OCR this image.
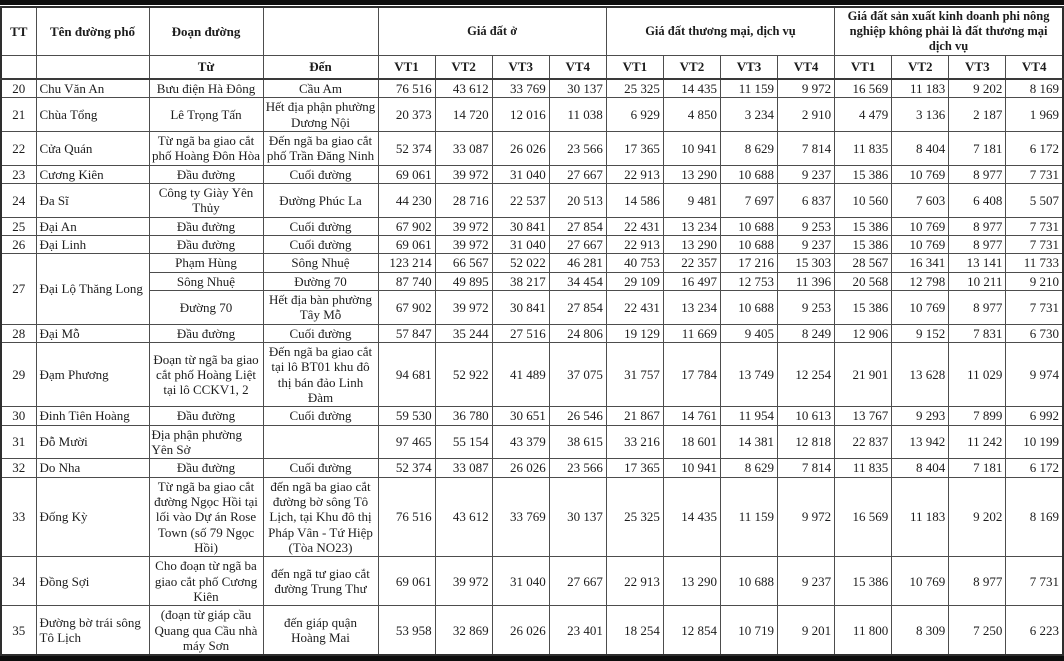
TT	Tên đường phố	Đoạn đường		Giá đất ở				Giá đất thương mại, dịch vụ				Giá đất sản xuất kinh doanh phi nông nghiệp không phải là đất thương mại dịch vụ			
		Từ	Đến	VT1	VT2	VT3	VT4	VT1	VT2	VT3	VT4	VT1	VT2	VT3	VT4
20	Chu Văn An	Bưu điện Hà Đông	Cầu Am	76 516	43 612	33 769	30 137	25 325	14 435	11 159	9 972	16 569	11 183	9 202	8 169
21	Chùa Tổng	Lê Trọng Tấn	Hết địa phận phường Dương Nội	20 373	14 720	12 016	11 038	6 929	4 850	3 234	2 910	4 479	3 136	2 187	1 969
22	Cửa Quán	Từ ngã ba giao cắt phố Hoàng Đôn Hòa	Đến ngã ba giao cắt phố Trần Đăng Ninh	52 374	33 087	26 026	23 566	17 365	10 941	8 629	7 814	11 835	8 404	7 181	6 172
23	Cương Kiên	Đầu đường	Cuối đường	69 061	39 972	31 040	27 667	22 913	13 290	10 688	9 237	15 386	10 769	8 977	7 731
24	Đa Sĩ	Công ty Giày Yên Thủy	Đường Phúc La	44 230	28 716	22 537	20 513	14 586	9 481	7 697	6 837	10 560	7 603	6 408	5 507
25	Đại An	Đầu đường	Cuối đường	67 902	39 972	30 841	27 854	22 431	13 234	10 688	9 253	15 386	10 769	8 977	7 731
26	Đại Linh	Đầu đường	Cuối đường	69 061	39 972	31 040	27 667	22 913	13 290	10 688	9 237	15 386	10 769	8 977	7 731
27	Đại Lộ Thăng Long	Phạm Hùng	Sông Nhuệ	123 214	66 567	52 022	46 281	40 753	22 357	17 216	15 303	28 567	16 341	13 141	11 733
		Sông Nhuệ	Đường 70	87 740	49 895	38 217	34 454	29 109	16 497	12 753	11 396	20 568	12 798	10 211	9 210
		Đường 70	Hết địa bàn phường Tây Mỗ	67 902	39 972	30 841	27 854	22 431	13 234	10 688	9 253	15 386	10 769	8 977	7 731
28	Đại Mỗ	Đầu đường	Cuối đường	57 847	35 244	27 516	24 806	19 129	11 669	9 405	8 249	12 906	9 152	7 831	6 730
29	Đạm Phương	Đoạn từ ngã ba giao cắt phố Hoàng Liệt tại lô CCKV1, 2	Đến ngã ba giao cắt tại lô BT01 khu đô thị bán đảo Linh Đàm	94 681	52 922	41 489	37 075	31 757	17 784	13 749	12 254	21 901	13 628	11 029	9 974
30	Đinh Tiên Hoàng	Đầu đường	Cuối đường	59 530	36 780	30 651	26 546	21 867	14 761	11 954	10 613	13 767	9 293	7 899	6 992
31	Đỗ Mười	Địa phận phường Yên Sở		97 465	55 154	43 379	38 615	33 216	18 601	14 381	12 818	22 837	13 942	11 242	10 199
32	Do Nha	Đầu đường	Cuối đường	52 374	33 087	26 026	23 566	17 365	10 941	8 629	7 814	11 835	8 404	7 181	6 172
33	Đống Kỳ	Từ ngã ba giao cắt đường Ngọc Hồi tại lối vào Dự án Rose Town (số 79 Ngọc Hồi)	đến ngã ba giao cắt đường bờ sông Tô Lịch, tại Khu đô thị Pháp Vân - Tứ Hiệp (Tòa NO23)	76 516	43 612	33 769	30 137	25 325	14 435	11 159	9 972	16 569	11 183	9 202	8 169
34	Đồng Sợi	Cho đoạn từ ngã ba giao cắt phố Cương Kiên	đến ngã tư giao cắt đường Trung Thư	69 061	39 972	31 040	27 667	22 913	13 290	10 688	9 237	15 386	10 769	8 977	7 731
35	Đường bờ trái sông Tô Lịch	(đoạn từ giáp cầu Quang qua Cầu nhà máy Sơn	đến giáp quận Hoàng Mai	53 958	32 869	26 026	23 401	18 254	12 854	10 719	9 201	11 800	8 309	7 250	6 223
